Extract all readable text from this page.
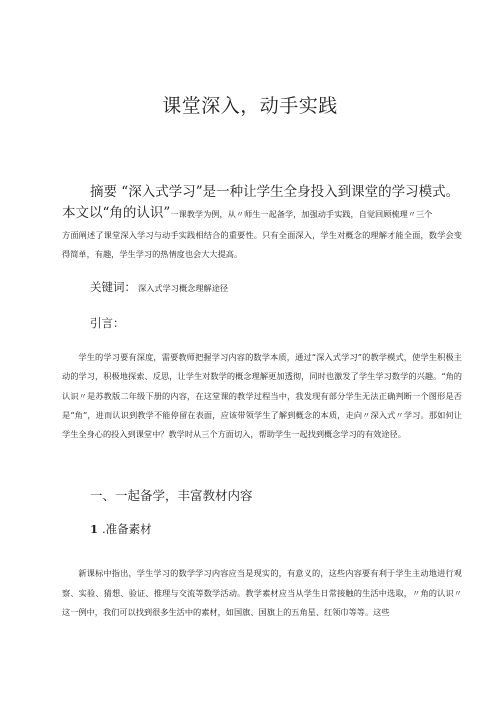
课堂深入，动手实践
摘要 “深入式学习”是一种让学生全身投入到课堂的学习模式。
本文以“角的认识”一课教学为例，从〃师生一起备学，加强动手实践，自觉回顾梳理〃三个
方面阐述了课堂深入学习与动手实践相结合的重要性。只有全面深入，学生对概念的理解才能全面，数学会变得简单，有趣，学生学习的热情度也会大大提高。
关键词： 深入式学习概念理解途径
引言：

学生的学习要有深度，需要教师把握学习内容的数学本质，通过“深入式学习”的教学模式，使学生积极主动的学习，积极地探索、反思，让学生对数学的概念理解更加透彻，同时也激发了学生学习数学的兴趣。“角的认识〃是苏教版二年级下册的内容，在这堂课的教学过程当中，我发现有部分学生无法正确判断一个图形是否是“角”，进而认识到教学不能停留在表面，应该带领学生了解到概念的本质，走向〃深入式〃学习。那如何让学生全身心的投入到课堂中？教学时从三个方面切入，帮助学生一起找到概念学习的有效途径。

一、一起备学，丰富教材内容
1 .准备素材

新课标中指出，学生学习的数学学习内容应当是现实的，有意义的，这些内容要有利于学生主动地进行观察、实验、猜想、验证、推理与交流等数学活动。教学素材应当从学生日常接触的生活中选取，〃角的认识〃这一例中，我们可以找到很多生活中的素材，如国旗、国旗上的五角星、红领巾等等。这些
